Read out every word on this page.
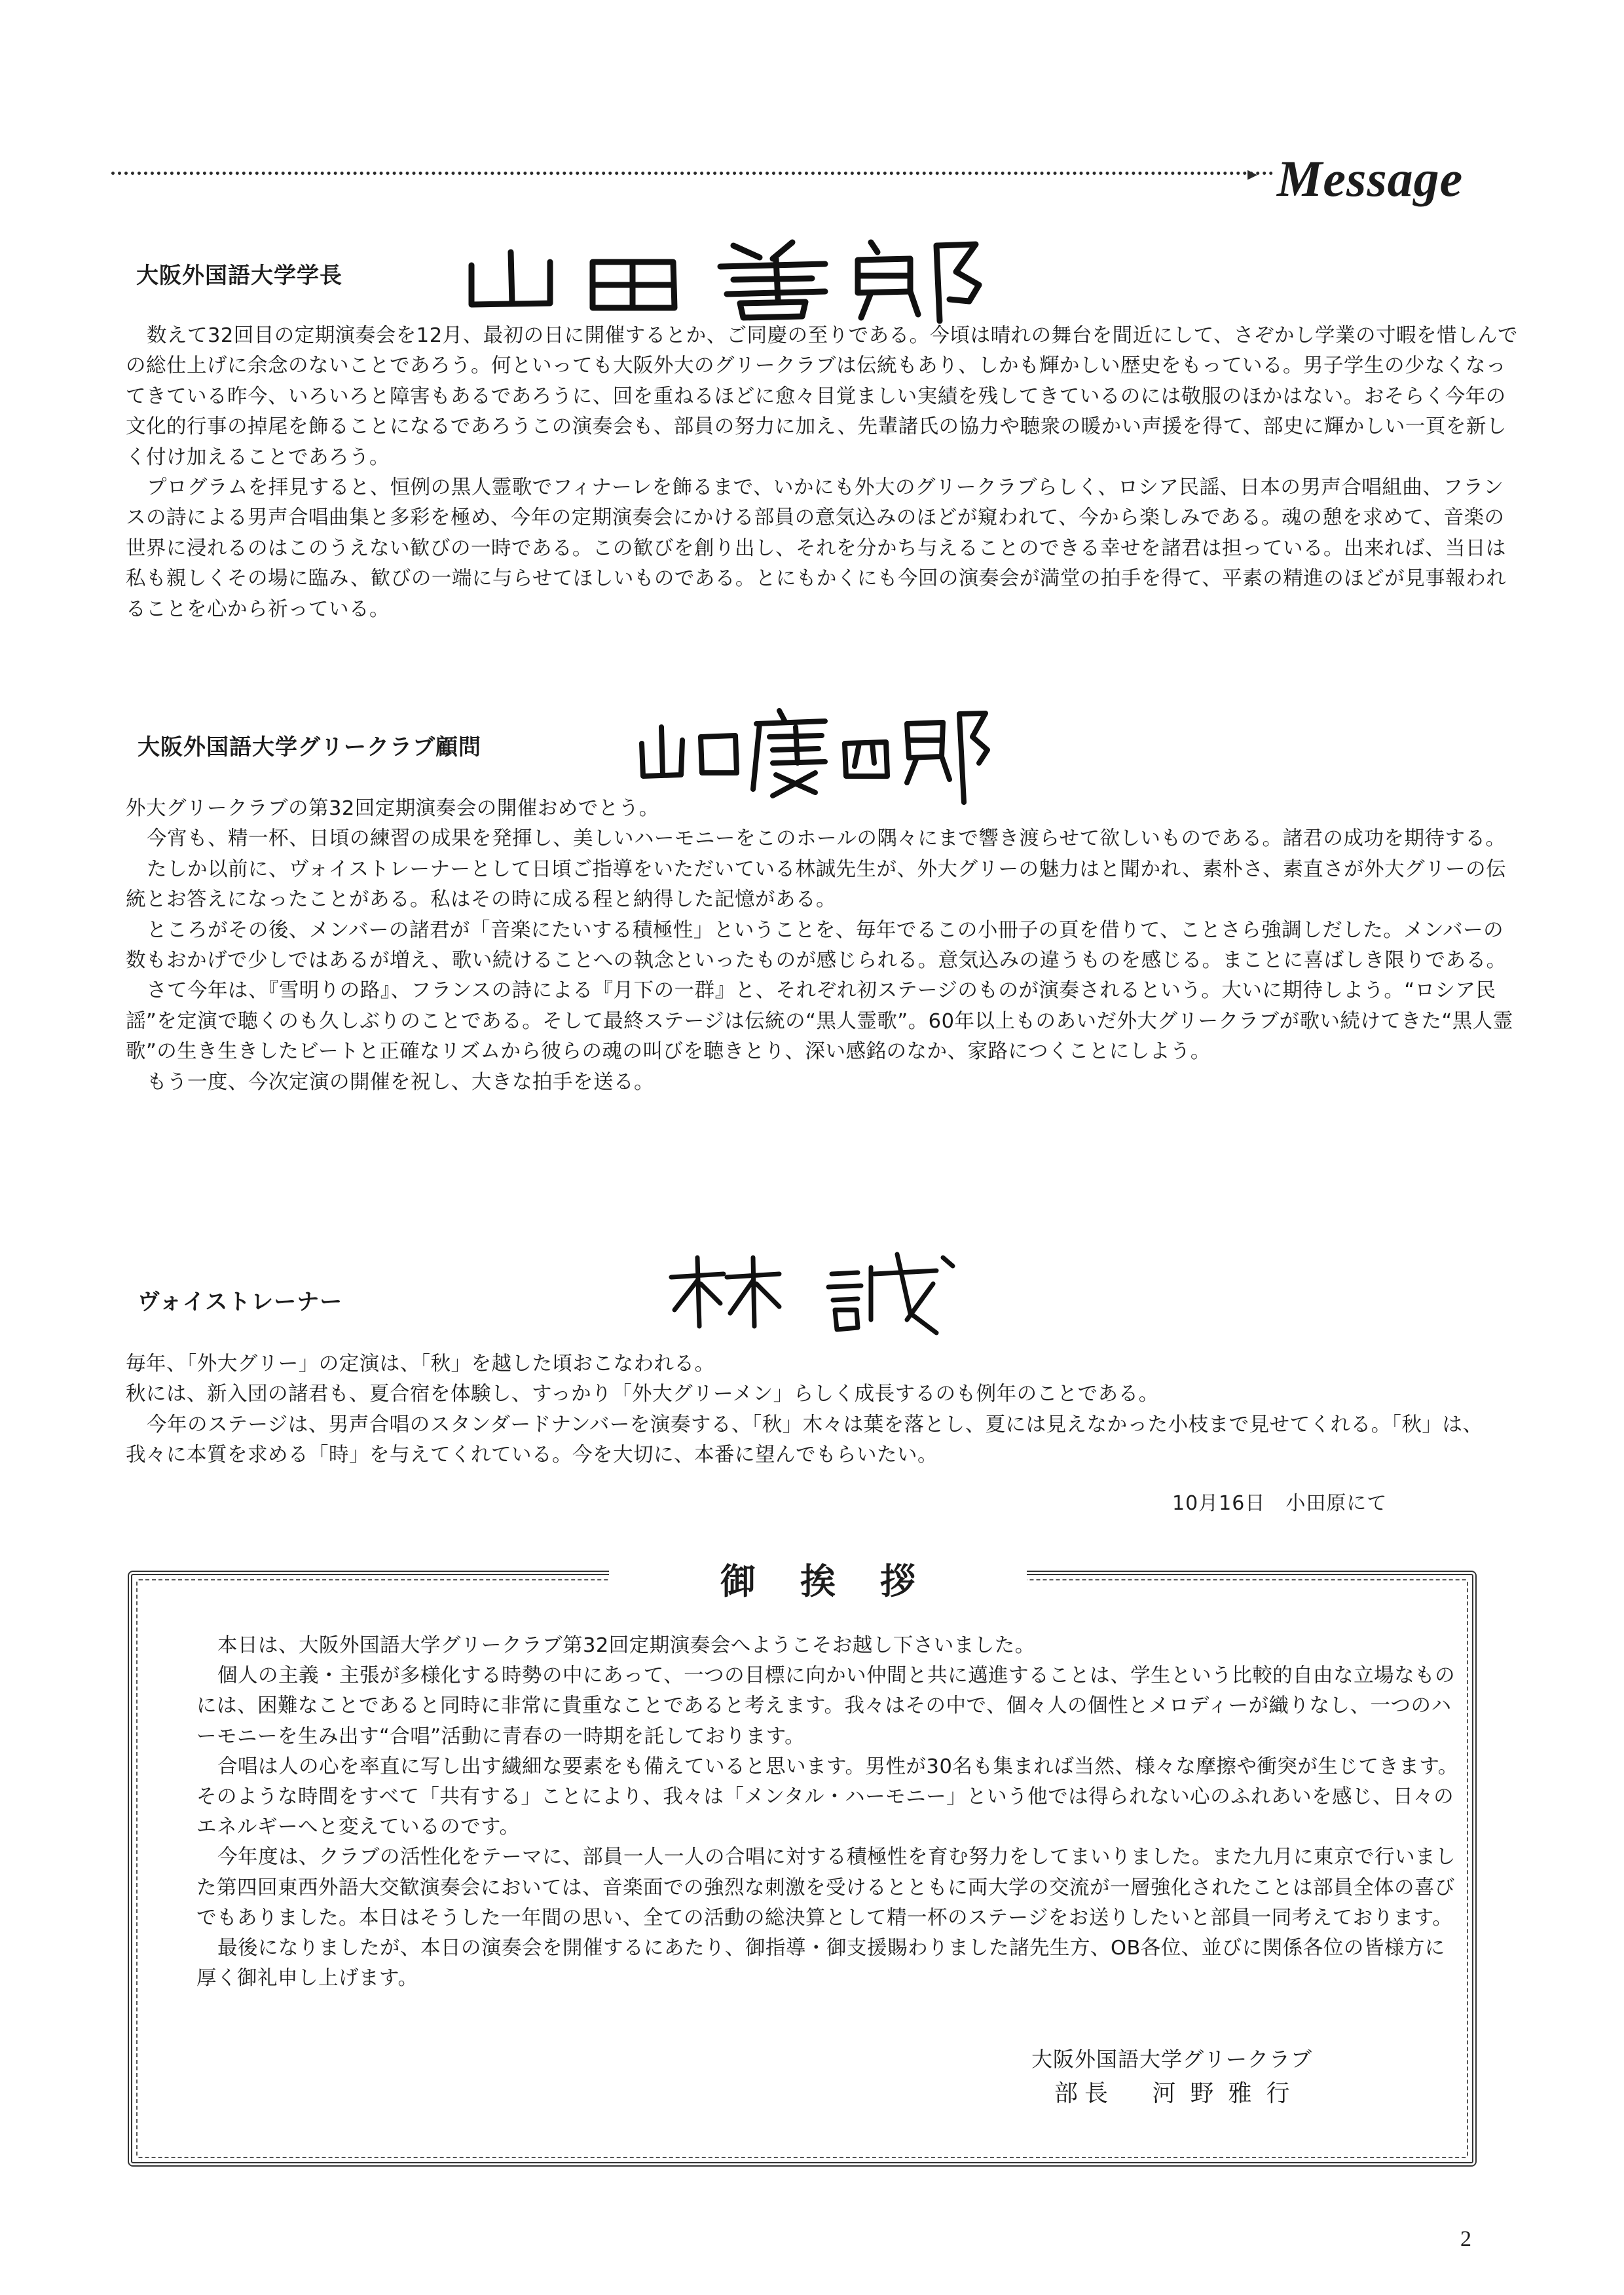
▸ Message
大阪外国語大学学長

数えて32回目の定期演奏会を12月、最初の日に開催するとか、ご同慶の至りである。今頃は晴れの舞台を間近にして、さぞかし学業の寸暇を惜しんでの総仕上げに余念のないことであろう。何といっても大阪外大のグリークラブは伝統もあり、しかも輝かしい歴史をもっている。男子学生の少なくなってきている昨今、いろいろと障害もあるであろうに、回を重ねるほどに愈々目覚ましい実績を残してきているのには敬服のほかはない。おそらく今年の文化的行事の掉尾を飾ることになるであろうこの演奏会も、部員の努力に加え、先輩諸氏の協力や聴衆の暖かい声援を得て、部史に輝かしい一頁を新しく付け加えることであろう。

プログラムを拝見すると、恒例の黒人霊歌でフィナーレを飾るまで、いかにも外大のグリークラブらしく、ロシア民謡、日本の男声合唱組曲、フランスの詩による男声合唱曲集と多彩を極め、今年の定期演奏会にかける部員の意気込みのほどが窺われて、今から楽しみである。魂の憩を求めて、音楽の世界に浸れるのはこのうえない歓びの一時である。この歓びを創り出し、それを分かち与えることのできる幸せを諸君は担っている。出来れば、当日は私も親しくその場に臨み、歓びの一端に与らせてほしいものである。とにもかくにも今回の演奏会が満堂の拍手を得て、平素の精進のほどが見事報われることを心から祈っている。

大阪外国語大学グリークラブ顧問

外大グリークラブの第32回定期演奏会の開催おめでとう。

今宵も、精一杯、日頃の練習の成果を発揮し、美しいハーモニーをこのホールの隅々にまで響き渡らせて欲しいものである。諸君の成功を期待する。

たしか以前に、ヴォイストレーナーとして日頃ご指導をいただいている林誠先生が、外大グリーの魅力はと聞かれ、素朴さ、素直さが外大グリーの伝統とお答えになったことがある。私はその時に成る程と納得した記憶がある。

ところがその後、メンバーの諸君が「音楽にたいする積極性」ということを、毎年でるこの小冊子の頁を借りて、ことさら強調しだした。メンバーの数もおかげで少しではあるが増え、歌い続けることへの執念といったものが感じられる。意気込みの違うものを感じる。まことに喜ばしき限りである。

さて今年は、『雪明りの路』、フランスの詩による『月下の一群』と、それぞれ初ステージのものが演奏されるという。大いに期待しよう。“ロシア民謡”を定演で聴くのも久しぶりのことである。そして最終ステージは伝統の“黒人霊歌”。60年以上ものあいだ外大グリークラブが歌い続けてきた“黒人霊歌”の生き生きしたビートと正確なリズムから彼らの魂の叫びを聴きとり、深い感銘のなか、家路につくことにしよう。

もう一度、今次定演の開催を祝し、大きな拍手を送る。

ヴォイストレーナー

毎年、「外大グリー」の定演は、「秋」を越した頃おこなわれる。

秋には、新入団の諸君も、夏合宿を体験し、すっかり「外大グリーメン」らしく成長するのも例年のことである。

今年のステージは、男声合唱のスタンダードナンバーを演奏する、「秋」木々は葉を落とし、夏には見えなかった小枝まで見せてくれる。「秋」は、我々に本質を求める「時」を与えてくれている。今を大切に、本番に望んでもらいたい。

10月16日　小田原にて
御挨拶

本日は、大阪外国語大学グリークラブ第32回定期演奏会へようこそお越し下さいました。

個人の主義・主張が多様化する時勢の中にあって、一つの目標に向かい仲間と共に邁進することは、学生という比較的自由な立場なものには、困難なことであると同時に非常に貴重なことであると考えます。我々はその中で、個々人の個性とメロディーが織りなし、一つのハーモニーを生み出す“合唱”活動に青春の一時期を託しております。

合唱は人の心を率直に写し出す繊細な要素をも備えていると思います。男性が30名も集まれば当然、様々な摩擦や衝突が生じてきます。そのような時間をすべて「共有する」ことにより、我々は「メンタル・ハーモニー」という他では得られない心のふれあいを感じ、日々のエネルギーへと変えているのです。

今年度は、クラブの活性化をテーマに、部員一人一人の合唱に対する積極性を育む努力をしてまいりました。また九月に東京で行いました第四回東西外語大交歓演奏会においては、音楽面での強烈な刺激を受けるとともに両大学の交流が一層強化されたことは部員全体の喜びでもありました。本日はそうした一年間の思い、全ての活動の総決算として精一杯のステージをお送りしたいと部員一同考えております。

最後になりましたが、本日の演奏会を開催するにあたり、御指導・御支援賜わりました諸先生方、OB各位、並びに関係各位の皆様方に厚く御礼申し上げます。

大阪外国語大学グリークラブ
部長 河野雅行
2
